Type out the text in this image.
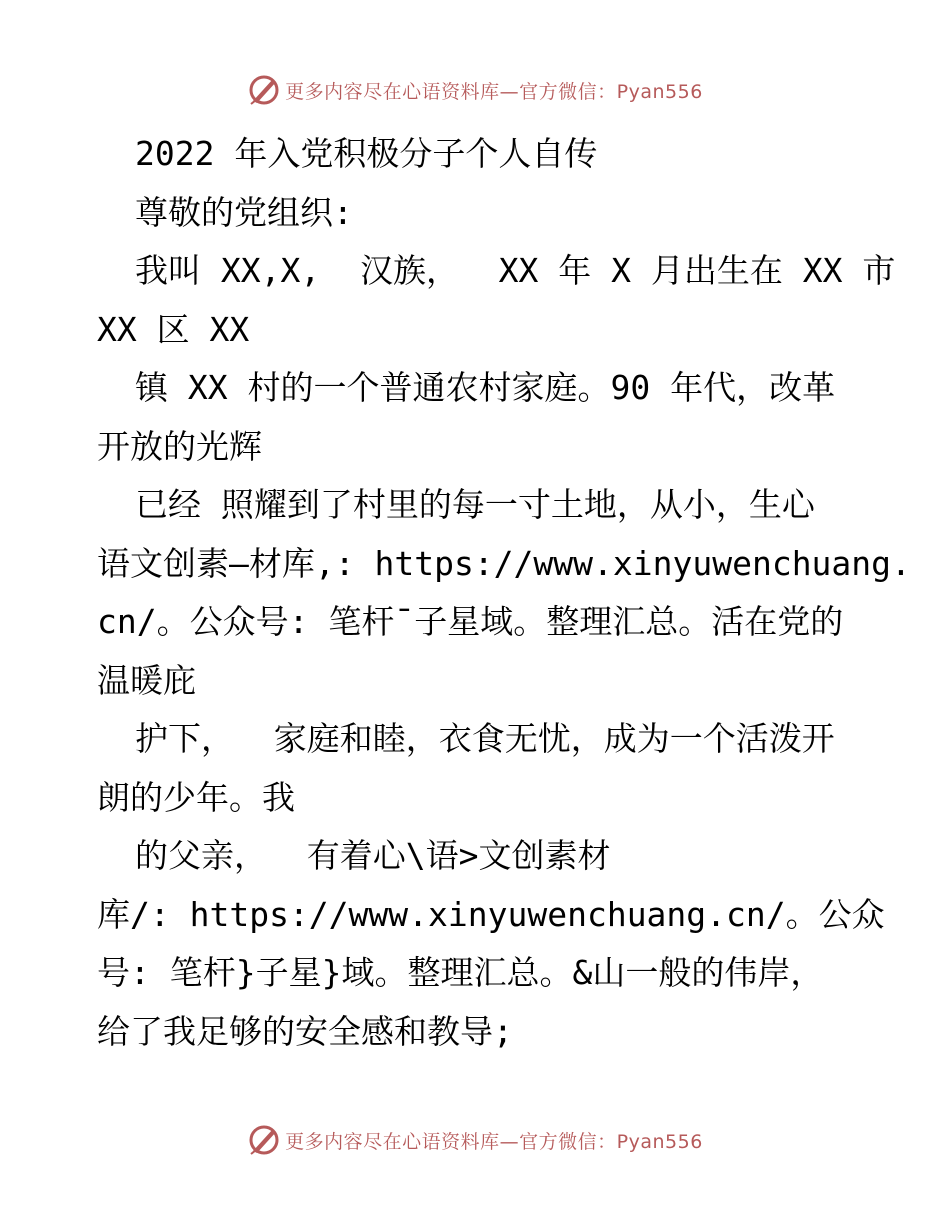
更多内容尽在心语资料库—官方微信：Pyan556
2022 年入党积极分子个人自传
尊敬的党组织:
我叫 XX,X,  汉族，  XX 年 X 月出生在 XX 市
XX 区 XX
镇 XX 村的一个普通农村家庭。90 年代，改革
开放的光辉
已经 照耀到了村里的每一寸土地，从小，生心
语文创素—材库,: https://www.xinyuwenchuang.
cn/。公众号: 笔杆¯子星域。整理汇总。活在党的
温暖庇
护下，  家庭和睦，衣食无忧，成为一个活泼开
朗的少年。我
的父亲，  有着心\语>文创素材
库/: https://www.xinyuwenchuang.cn/。公众
号: 笔杆}子星}域。整理汇总。&山一般的伟岸，
给了我足够的安全感和教导;
更多内容尽在心语资料库—官方微信：Pyan556
